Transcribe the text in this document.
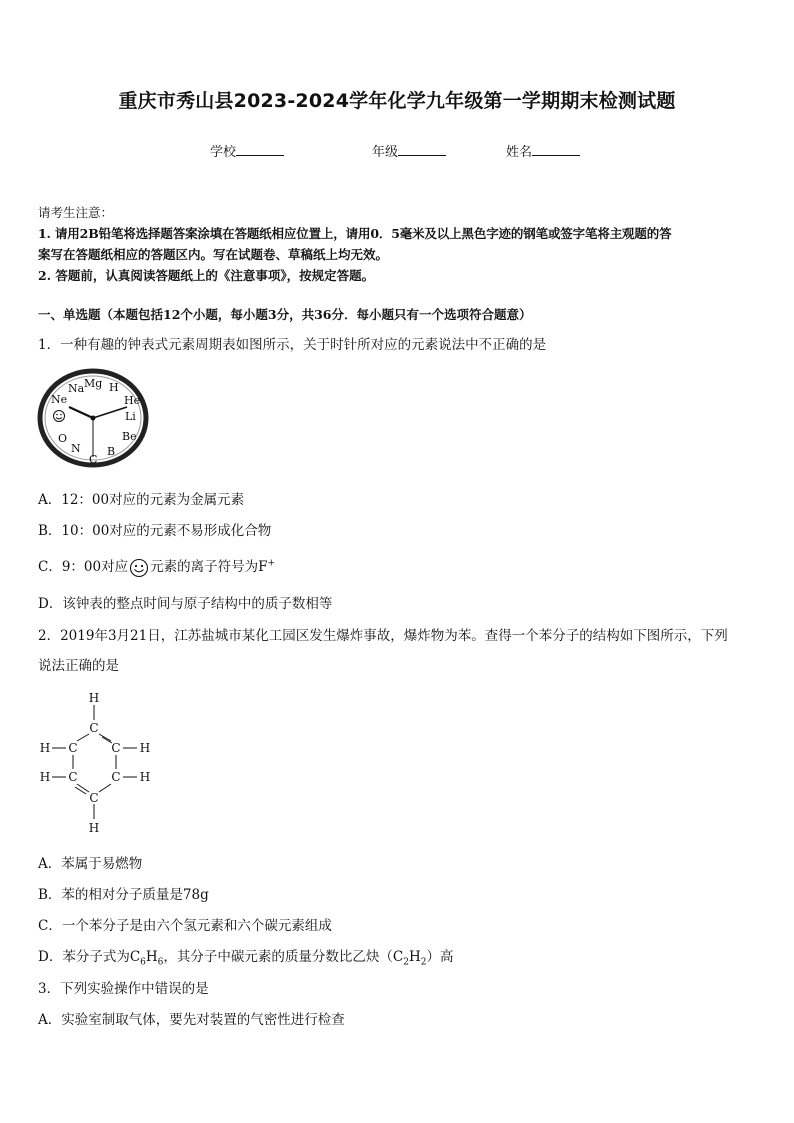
重庆市秀山县2023-2024学年化学九年级第一学期期末检测试题
学校	年级	姓名
请考生注意：
1. 请用2B铅笔将选择题答案涂填在答题纸相应位置上，请用0．5毫米及以上黑色字迹的钢笔或签字笔将主观题的答
案写在答题纸相应的答题区内。写在试题卷、草稿纸上均无效。
2. 答题前，认真阅读答题纸上的《注意事项》，按规定答题。
一、单选题（本题包括12个小题，每小题3分，共36分．每小题只有一个选项符合题意）
1．一种有趣的钟表式元素周期表如图所示，关于时针所对应的元素说法中不正确的是
Na Mg H
He
Li
Be
B
C
N
O
Ne
A．12：00对应的元素为金属元素
B．10：00对应的元素不易形成化合物
C．9：00对应 元素的离子符号为F+
D．该钟表的整点时间与原子结构中的质子数相等
2．2019年3月21日，江苏盐城市某化工园区发生爆炸事故，爆炸物为苯。查得一个苯分子的结构如下图所示，下列
说法正确的是
H
C
C	C
C	C
C
H
H
H
H
H
A．苯属于易燃物
B．苯的相对分子质量是78g
C．一个苯分子是由六个氢元素和六个碳元素组成
D．苯分子式为$C_6H_6$，其分子中碳元素的质量分数比乙炔$(C_2H_2)$高
3．下列实验操作中错误的是
A．实验室制取气体，要先对装置的气密性进行检查
